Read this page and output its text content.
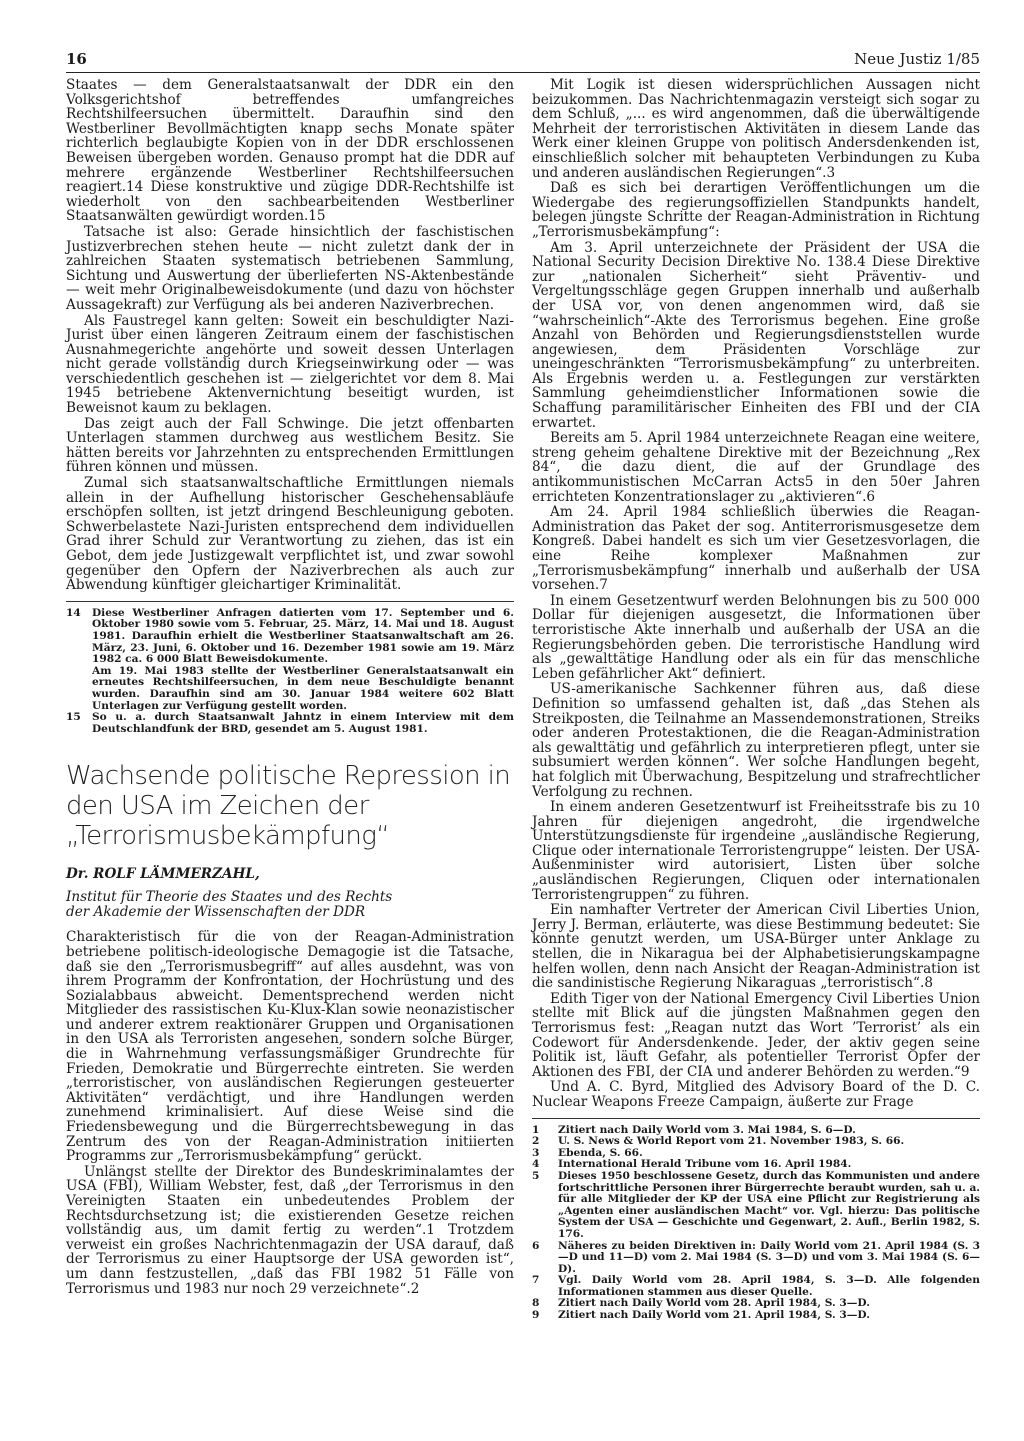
16	Neue Justiz 1/85

Staates — dem Generalstaatsanwalt der DDR ein den Volksgerichtshof betreffendes umfangreiches Rechtshilfeersuchen übermittelt. Daraufhin sind den Westberliner Bevollmächtigten knapp sechs Monate später richterlich beglaubigte Kopien von in der DDR erschlossenen Beweisen übergeben worden. Genauso prompt hat die DDR auf mehrere ergänzende Westberliner Rechtshilfeersuchen reagiert.14 Diese konstruktive und zügige DDR-Rechtshilfe ist wiederholt von den sachbearbeitenden Westberliner Staatsanwälten gewürdigt worden.15

Tatsache ist also: Gerade hinsichtlich der faschistischen Justizverbrechen stehen heute — nicht zuletzt dank der in zahlreichen Staaten systematisch betriebenen Sammlung, Sichtung und Auswertung der überlieferten NS-Aktenbestände — weit mehr Originalbeweisdokumente (und dazu von höchster Aussagekraft) zur Verfügung als bei anderen Naziverbrechen.

Als Faustregel kann gelten: Soweit ein beschuldigter Nazi-Jurist über einen längeren Zeitraum einem der faschistischen Ausnahmegerichte angehörte und soweit dessen Unterlagen nicht gerade vollständig durch Kriegseinwirkung oder — was verschiedentlich geschehen ist — zielgerichtet vor dem 8. Mai 1945 betriebene Aktenvernichtung beseitigt wurden, ist Beweisnot kaum zu beklagen.

Das zeigt auch der Fall Schwinge. Die jetzt offenbarten Unterlagen stammen durchweg aus westlichem Besitz. Sie hätten bereits vor Jahrzehnten zu entsprechenden Ermittlungen führen können und müssen.

Zumal sich staatsanwaltschaftliche Ermittlungen niemals allein in der Aufhellung historischer Geschehensabläufe erschöpfen sollten, ist jetzt dringend Beschleunigung geboten. Schwerbelastete Nazi-Juristen entsprechend dem individuellen Grad ihrer Schuld zur Verantwortung zu ziehen, das ist ein Gebot, dem jede Justizgewalt verpflichtet ist, und zwar sowohl gegenüber den Opfern der Naziverbrechen als auch zur Abwendung künftiger gleichartiger Kriminalität.

14	Diese Westberliner Anfragen datierten vom 17. September und 6. Oktober 1980 sowie vom 5. Februar, 25. März, 14. Mai und 18. August 1981. Daraufhin erhielt die Westberliner Staatsanwaltschaft am 26. März, 23. Juni, 6. Oktober und 16. Dezember 1981 sowie am 19. März 1982 ca. 6 000 Blatt Beweisdokumente.
Am 19. Mai 1983 stellte der Westberliner Generalstaatsanwalt ein erneutes Rechtshilfeersuchen, in dem neue Beschuldigte benannt wurden. Daraufhin sind am 30. Januar 1984 weitere 602 Blatt Unterlagen zur Verfügung gestellt worden.
15	So u. a. durch Staatsanwalt Jahntz in einem Interview mit dem Deutschlandfunk der BRD, gesendet am 5. August 1981.
Wachsende politische Repression in den USA im Zeichen der „Terrorismusbekämpfung“

Dr. ROLF LÄMMERZAHL,

Institut für Theorie des Staates und des Rechts

der Akademie der Wissenschaften der DDR

Charakteristisch für die von der Reagan-Administration betriebene politisch-ideologische Demagogie ist die Tatsache, daß sie den „Terrorismusbegriff“ auf alles ausdehnt, was von ihrem Programm der Konfrontation, der Hochrüstung und des Sozialabbaus abweicht. Dementsprechend werden nicht Mitglieder des rassistischen Ku-Klux-Klan sowie neonazistischer und anderer extrem reaktionärer Gruppen und Organisationen in den USA als Terroristen angesehen, sondern solche Bürger, die in Wahrnehmung verfassungsmäßiger Grundrechte für Frieden, Demokratie und Bürgerrechte eintreten. Sie werden „terroristischer, von ausländischen Regierungen gesteuerter Aktivitäten“ verdächtigt, und ihre Handlungen werden zunehmend kriminalisiert. Auf diese Weise sind die Friedensbewegung und die Bürgerrechtsbewegung in das Zentrum des von der Reagan-Administration initiierten Programms zur „Terrorismusbekämpfung“ gerückt.

Unlängst stellte der Direktor des Bundeskriminalamtes der USA (FBI), William Webster, fest, daß „der Terrorismus in den Vereinigten Staaten ein unbedeutendes Problem der Rechtsdurchsetzung ist; die existierenden Gesetze reichen vollständig aus, um damit fertig zu werden“.1 Trotzdem verweist ein großes Nachrichtenmagazin der USA darauf, daß der Terrorismus zu einer Hauptsorge der USA geworden ist“, um dann festzustellen, „daß das FBI 1982 51 Fälle von Terrorismus und 1983 nur noch 29 verzeichnete“.2

Mit Logik ist diesen widersprüchlichen Aussagen nicht beizukommen. Das Nachrichtenmagazin versteigt sich sogar zu dem Schluß, „... es wird angenommen, daß die überwältigende Mehrheit der terroristischen Aktivitäten in diesem Lande das Werk einer kleinen Gruppe von politisch Andersdenkenden ist, einschließlich solcher mit behaupteten Verbindungen zu Kuba und anderen ausländischen Regierungen“.3

Daß es sich bei derartigen Veröffentlichungen um die Wiedergabe des regierungsoffiziellen Standpunkts handelt, belegen jüngste Schritte der Reagan-Administration in Richtung „Terrorismusbekämpfung“:

Am 3. April unterzeichnete der Präsident der USA die National Security Decision Direktive No. 138.4 Diese Direktive zur „nationalen Sicherheit“ sieht Präventiv- und Vergeltungsschläge gegen Gruppen innerhalb und außerhalb der USA vor, von denen angenommen wird, daß sie “wahrscheinlich“-Akte des Terrorismus begehen. Eine große Anzahl von Behörden und Regierungsdienststellen wurde angewiesen, dem Präsidenten Vorschläge zur uneingeschränkten “Terrorismusbekämpfung“ zu unterbreiten. Als Ergebnis werden u. a. Festlegungen zur verstärkten Sammlung geheimdienstlicher Informationen sowie die Schaffung paramilitärischer Einheiten des FBI und der CIA erwartet.

Bereits am 5. April 1984 unterzeichnete Reagan eine weitere, streng geheim gehaltene Direktive mit der Bezeichnung „Rex 84“, die dazu dient, die auf der Grundlage des antikommunistischen McCarran Acts5 in den 50er Jahren errichteten Konzentrationslager zu „aktivieren“.6

Am 24. April 1984 schließlich überwies die Reagan-Administration das Paket der sog. Antiterrorismusgesetze dem Kongreß. Dabei handelt es sich um vier Gesetzesvorlagen, die eine Reihe komplexer Maßnahmen zur „Terrorismusbekämpfung“ innerhalb und außerhalb der USA vorsehen.7

In einem Gesetzentwurf werden Belohnungen bis zu 500 000 Dollar für diejenigen ausgesetzt, die Informationen über terroristische Akte innerhalb und außerhalb der USA an die Regierungsbehörden geben. Die terroristische Handlung wird als „gewalttätige Handlung oder als ein für das menschliche Leben gefährlicher Akt“ definiert.

US-amerikanische Sachkenner führen aus, daß diese Definition so umfassend gehalten ist, daß „das Stehen als Streikposten, die Teilnahme an Massendemonstrationen, Streiks oder anderen Protestaktionen, die die Reagan-Administration als gewalttätig und gefährlich zu interpretieren pflegt, unter sie subsumiert werden können“. Wer solche Handlungen begeht, hat folglich mit Überwachung, Bespitzelung und strafrechtlicher Verfolgung zu rechnen.

In einem anderen Gesetzentwurf ist Freiheitsstrafe bis zu 10 Jahren für diejenigen angedroht, die irgendwelche Unterstützungsdienste für irgendeine „ausländische Regierung, Clique oder internationale Terroristengruppe“ leisten. Der USA-Außenminister wird autorisiert, Listen über solche „ausländischen Regierungen, Cliquen oder internationalen Terroristengruppen“ zu führen.

Ein namhafter Vertreter der American Civil Liberties Union, Jerry J. Berman, erläuterte, was diese Bestimmung bedeutet: Sie könnte genutzt werden, um USA-Bürger unter Anklage zu stellen, die in Nikaragua bei der Alphabetisierungskampagne helfen wollen, denn nach Ansicht der Reagan-Administration ist die sandinistische Regierung Nikaraguas „terroristisch“.8

Edith Tiger von der National Emergency Civil Liberties Union stellte mit Blick auf die jüngsten Maßnahmen gegen den Terrorismus fest: „Reagan nutzt das Wort ’Terrorist’ als ein Codewort für Andersdenkende. Jeder, der aktiv gegen seine Politik ist, läuft Gefahr, als potentieller Terrorist Opfer der Aktionen des FBI, der CIA und anderer Behörden zu werden.“9

Und A. C. Byrd, Mitglied des Advisory Board of the D. C. Nuclear Weapons Freeze Campaign, äußerte zur Frage

1	Zitiert nach Daily World vom 3. Mai 1984, S. 6—D.
2	U. S. News & World Report vom 21. November 1983, S. 66.
3	Ebenda, S. 66.
4	International Herald Tribune vom 16. April 1984.
5	Dieses 1950 beschlossene Gesetz, durch das Kommunisten und andere fortschrittliche Personen ihrer Bürgerrechte beraubt wurden, sah u. a. für alle Mitglieder der KP der USA eine Pflicht zur Registrierung als „Agenten einer ausländischen Macht“ vor. Vgl. hierzu: Das politische System der USA — Geschichte und Gegenwart, 2. Aufl., Berlin 1982, S. 176.
6	Näheres zu beiden Direktiven in: Daily World vom 21. April 1984 (S. 3—D und 11—D) vom 2. Mai 1984 (S. 3—D) und vom 3. Mai 1984 (S. 6—D).
7	Vgl. Daily World vom 28. April 1984, S. 3—D. Alle folgenden Informationen stammen aus dieser Quelle.
8	Zitiert nach Daily World vom 28. April 1984, S. 3—D.
9	Zitiert nach Daily World vom 21. April 1984, S. 3—D.
